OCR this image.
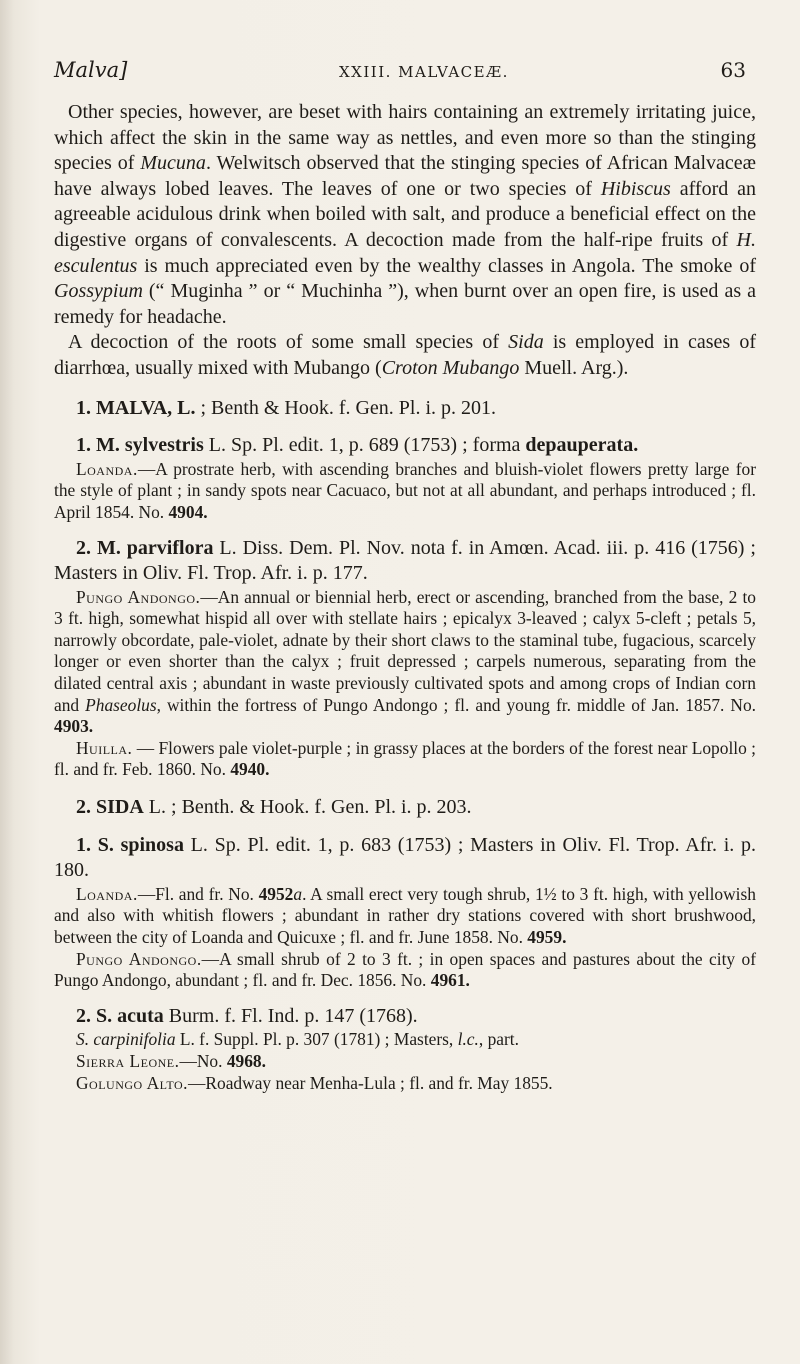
Malva]	XXIII. MALVACEÆ.	63

Other species, however, are beset with hairs containing an extremely irritating juice, which affect the skin in the same way as nettles, and even more so than the stinging species of Mucuna. Welwitsch observed that the stinging species of African Malvaceæ have always lobed leaves. The leaves of one or two species of Hibiscus afford an agreeable acidulous drink when boiled with salt, and produce a beneficial effect on the digestive organs of convalescents. A decoction made from the half-ripe fruits of H. esculentus is much appreciated even by the wealthy classes in Angola. The smoke of Gossypium (“ Muginha ” or “ Muchinha ”), when burnt over an open fire, is used as a remedy for headache.

A decoction of the roots of some small species of Sida is employed in cases of diarrhœa, usually mixed with Mubango (Croton Mubango Muell. Arg.).

1. MALVA, L. ; Benth & Hook. f. Gen. Pl. i. p. 201.

1. M. sylvestris L. Sp. Pl. edit. 1, p. 689 (1753) ; forma depauperata.

Loanda.—A prostrate herb, with ascending branches and bluish-violet flowers pretty large for the style of plant ; in sandy spots near Cacuaco, but not at all abundant, and perhaps introduced ; fl. April 1854. No. 4904.

2. M. parviflora L. Diss. Dem. Pl. Nov. nota f. in Amœn. Acad. iii. p. 416 (1756) ; Masters in Oliv. Fl. Trop. Afr. i. p. 177.

Pungo Andongo.—An annual or biennial herb, erect or ascending, branched from the base, 2 to 3 ft. high, somewhat hispid all over with stellate hairs ; epicalyx 3-leaved ; calyx 5-cleft ; petals 5, narrowly obcordate, pale-violet, adnate by their short claws to the staminal tube, fugacious, scarcely longer or even shorter than the calyx ; fruit depressed ; carpels numerous, separating from the dilated central axis ; abundant in waste previously cultivated spots and among crops of Indian corn and Phaseolus, within the fortress of Pungo Andongo ; fl. and young fr. middle of Jan. 1857. No. 4903.

Huilla. — Flowers pale violet-purple ; in grassy places at the borders of the forest near Lopollo ; fl. and fr. Feb. 1860. No. 4940.

2. SIDA L. ; Benth. & Hook. f. Gen. Pl. i. p. 203.

1. S. spinosa L. Sp. Pl. edit. 1, p. 683 (1753) ; Masters in Oliv. Fl. Trop. Afr. i. p. 180.

Loanda.—Fl. and fr. No. 4952a. A small erect very tough shrub, 1½ to 3 ft. high, with yellowish and also with whitish flowers ; abundant in rather dry stations covered with short brushwood, between the city of Loanda and Quicuxe ; fl. and fr. June 1858. No. 4959.

Pungo Andongo.—A small shrub of 2 to 3 ft. ; in open spaces and pastures about the city of Pungo Andongo, abundant ; fl. and fr. Dec. 1856. No. 4961.

2. S. acuta Burm. f. Fl. Ind. p. 147 (1768).

S. carpinifolia L. f. Suppl. Pl. p. 307 (1781) ; Masters, l.c., part.

Sierra Leone.—No. 4968.

Golungo Alto.—Roadway near Menha-Lula ; fl. and fr. May 1855.
